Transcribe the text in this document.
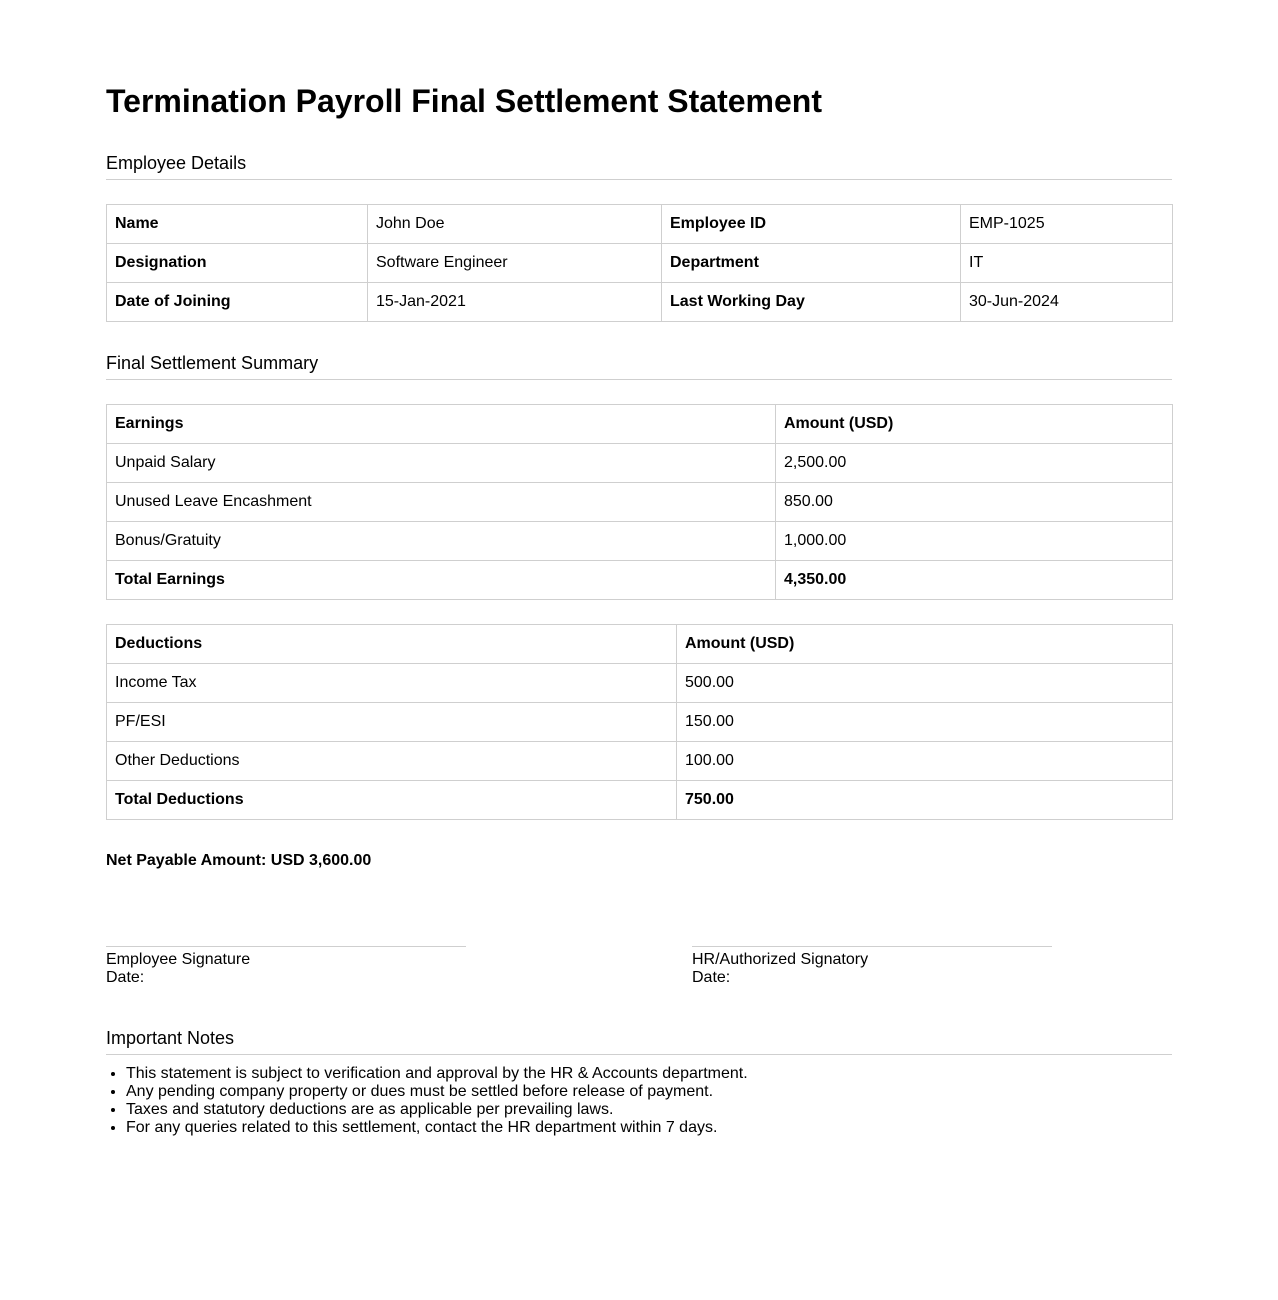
Termination Payroll Final Settlement Statement
Employee Details
Name	John Doe	Employee ID	EMP-1025
Designation	Software Engineer	Department	IT
Date of Joining	15-Jan-2021	Last Working Day	30-Jun-2024
Final Settlement Summary
Earnings	Amount (USD)
Unpaid Salary	2,500.00
Unused Leave Encashment	850.00
Bonus/Gratuity	1,000.00
Total Earnings	4,350.00
Deductions	Amount (USD)
Income Tax	500.00
PF/ESI	150.00
Other Deductions	100.00
Total Deductions	750.00
Net Payable Amount: USD 3,600.00
Employee Signature
Date:
HR/Authorized Signatory
Date:
Important Notes
• This statement is subject to verification and approval by the HR & Accounts department.
• Any pending company property or dues must be settled before release of payment.
• Taxes and statutory deductions are as applicable per prevailing laws.
• For any queries related to this settlement, contact the HR department within 7 days.
